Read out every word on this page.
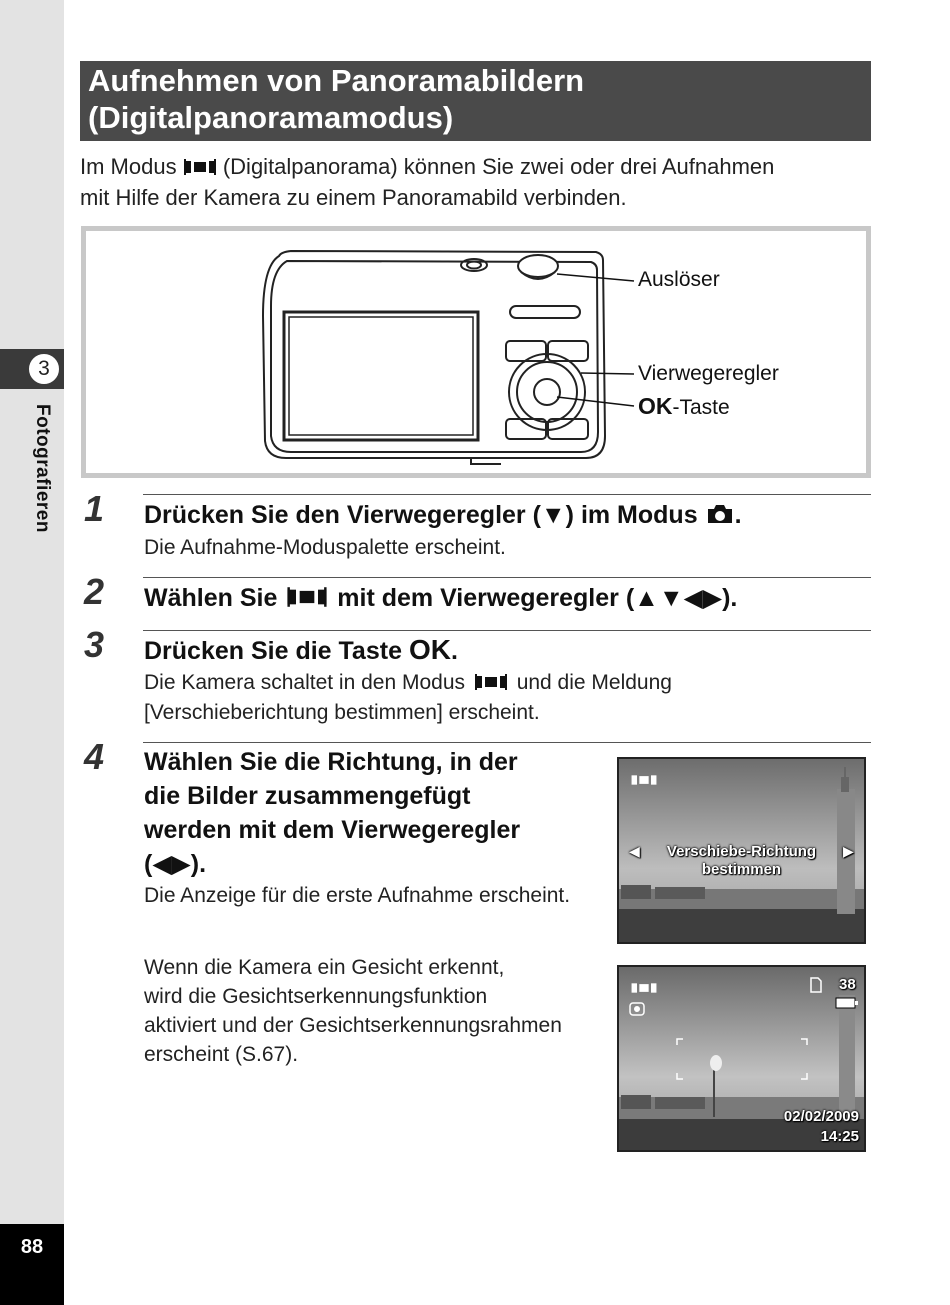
3
Fotografieren
88
Aufnehmen von Panoramabildern
(Digitalpanoramamodus)
Im Modus (Digitalpanorama) können Sie zwei oder drei Aufnahmen
mit Hilfe der Kamera zu einem Panoramabild verbinden.
Auslöser
Vierwegeregler
OK-Taste
1 Drücken Sie den Vierwegeregler (▼) im Modus .
Die Aufnahme-Moduspalette erscheint.
2 Wählen Sie mit dem Vierwegeregler (▲▼◀▶).
3 Drücken Sie die Taste OK.
Die Kamera schaltet in den Modus und die Meldung
[Verschieberichtung bestimmen] erscheint.
4 Wählen Sie die Richtung, in der
die Bilder zusammengefügt
werden mit dem Vierwegeregler
(◀▶).
Die Anzeige für die erste Aufnahme erscheint.
Wenn die Kamera ein Gesicht erkennt,
wird die Gesichtserkennungsfunktion
aktiviert und der Gesichtserkennungsrahmen
erscheint (S.67).
◀	▶
Verschiebe-Richtung
bestimmen
38
02/02/2009
14:25
